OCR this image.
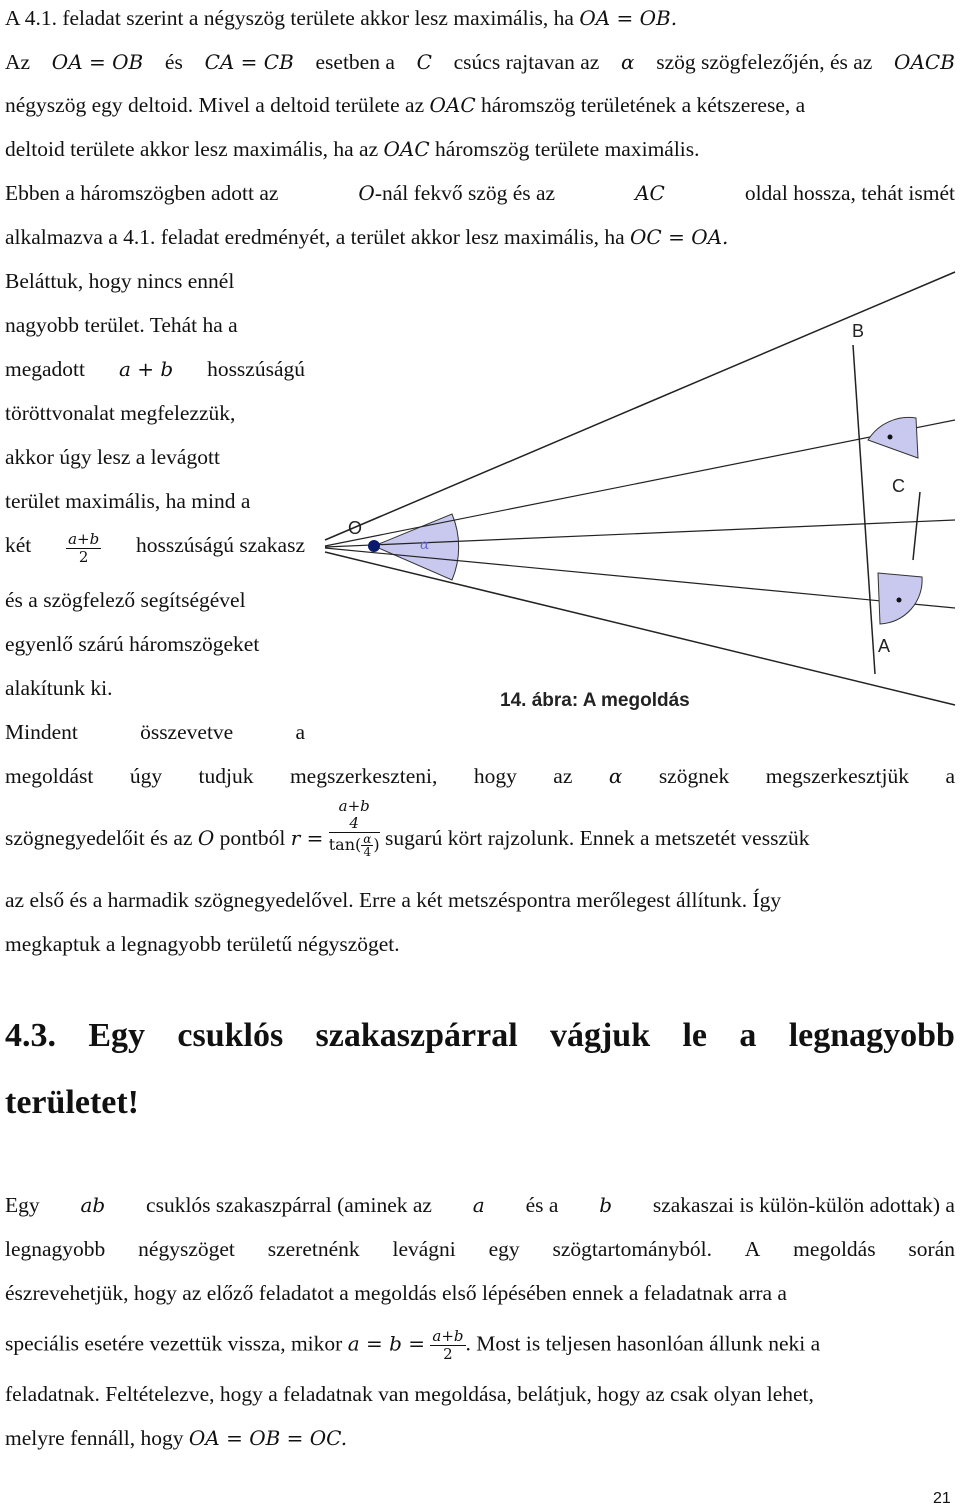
A 4.1. feladat szerint a négyszög területe akkor lesz maximális, ha OA = OB.
Az OA = OB és CA = CB esetben a C csúcs rajtavan az α szög szögfelezőjén, és az OACB
négyszög egy deltoid. Mivel a deltoid területe az OAC háromszög területének a kétszerese, a
deltoid területe akkor lesz maximális, ha az OAC háromszög területe maximális.
Ebben a háromszögben adott az	O-nál fekvő szög és az	AC	oldal hossza, tehát ismét
alkalmazva a 4.1. feladat eredményét, a terület akkor lesz maximális, ha OC = OA.
Beláttuk, hogy nincs ennél
nagyobb terület. Tehát ha a
megadott a + b hosszúságú
töröttvonalat megfelezzük,
akkor úgy lesz a levágott
terület maximális, ha mind a
két $\frac{a+b}{2}$ hosszúságú szakasz
és a szögfelező segítségével
egyenlő szárú háromszögeket
alakítunk ki.
Mindent	összevetve	a
O
α
B
C
A
14. ábra: A megoldás
megoldást úgy tudjuk megszerkeszteni, hogy az α szögnek megszerkesztjük a
szögnegyedelőit és az O pontból r =
a+b
4
$\tan( \frac{\alpha}{4}$ ) sugarú kört rajzolunk. Ennek a metszetét vesszük
az első és a harmadik szögnegyedelővel. Erre a két metszéspontra merőlegest állítunk. Így
megkaptuk a legnagyobb területű négyszöget.
4.3. Egy csuklós szakaszpárral vágjuk le a legnagyobb
területet!
Egy ab csuklós szakaszpárral (aminek az a és a b szakaszai is külön-külön adottak) a
legnagyobb négyszöget szeretnénk levágni egy szögtartományból. A megoldás során
észrevehetjük, hogy az előző feladatot a megoldás első lépésében ennek a feladatnak arra a
speciális esetére vezettük vissza, mikor $a = b = \frac{a+b}{2}$ . Most is teljesen hasonlóan állunk neki a
feladatnak. Feltételezve, hogy a feladatnak van megoldása, belátjuk, hogy az csak olyan lehet,
melyre fennáll, hogy OA = OB = OC.
21
